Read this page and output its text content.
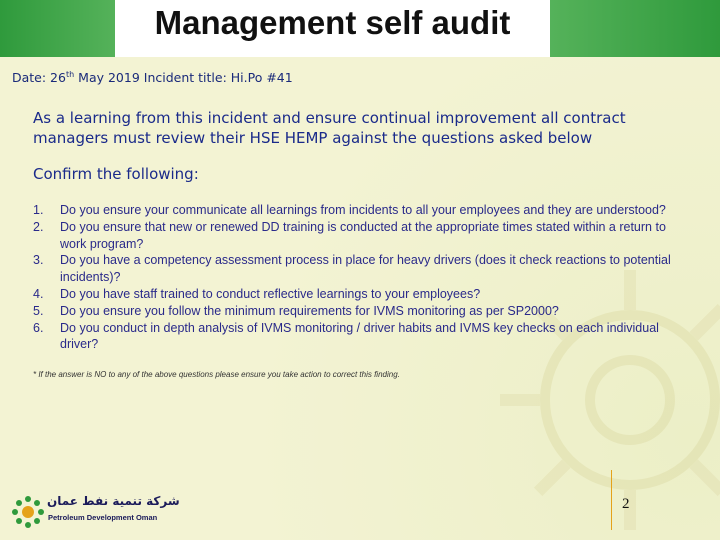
Management self audit
Date: 26th May 2019 Incident title: Hi.Po #41
As a learning from this incident and ensure continual improvement all contract managers must review their HSE HEMP against the questions asked below
Confirm the following:
1. Do you ensure your communicate all learnings from incidents to all your employees and they are understood?
2. Do you ensure that new or renewed DD training is conducted at the appropriate times stated within a return to work program?
3. Do you have a competency assessment process in place for heavy drivers (does it check reactions to potential incidents)?
4. Do you have staff trained to conduct reflective learnings to your employees?
5. Do you ensure you follow the minimum requirements for IVMS monitoring as per SP2000?
6. Do you conduct in depth analysis of IVMS monitoring / driver habits and IVMS key checks on each individual driver?
* If the answer is NO to any of the above questions please ensure you take action to correct this finding.
شركة تنمية نفط عمان
Petroleum Development Oman
2
